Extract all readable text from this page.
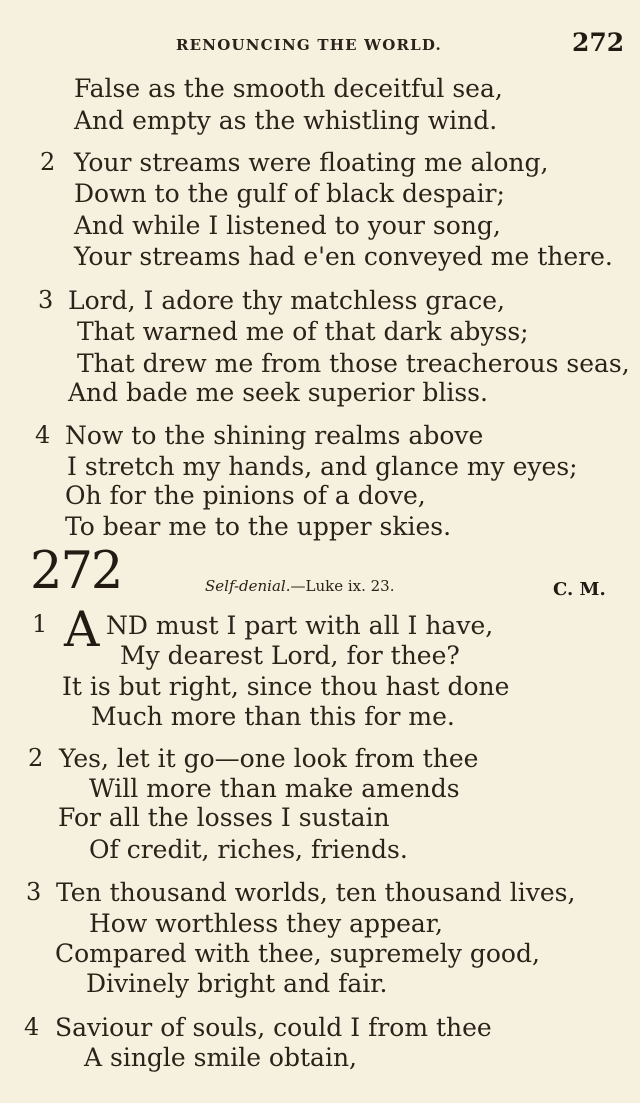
RENOUNCING THE WORLD.	272
False as the smooth deceitful sea,
And empty as the whistling wind.
2 Your streams were floating me along,
Down to the gulf of black despair;
And while I listened to your song,
Your streams had e'en conveyed me there.
3 Lord, I adore thy matchless grace,
That warned me of that dark abyss;
That drew me from those treacherous seas,
And bade me seek superior bliss.
4 Now to the shining realms above
I stretch my hands, and glance my eyes;
Oh for the pinions of a dove,
To bear me to the upper skies.
272	Self-denial.—Luke ix. 23.	C. M.
1 A ND must I part with all I have,
My dearest Lord, for thee?
It is but right, since thou hast done
Much more than this for me.
2 Yes, let it go—one look from thee
Will more than make amends
For all the losses I sustain
Of credit, riches, friends.
3 Ten thousand worlds, ten thousand lives,
How worthless they appear,
Compared with thee, supremely good,
Divinely bright and fair.
4 Saviour of souls, could I from thee
A single smile obtain,
